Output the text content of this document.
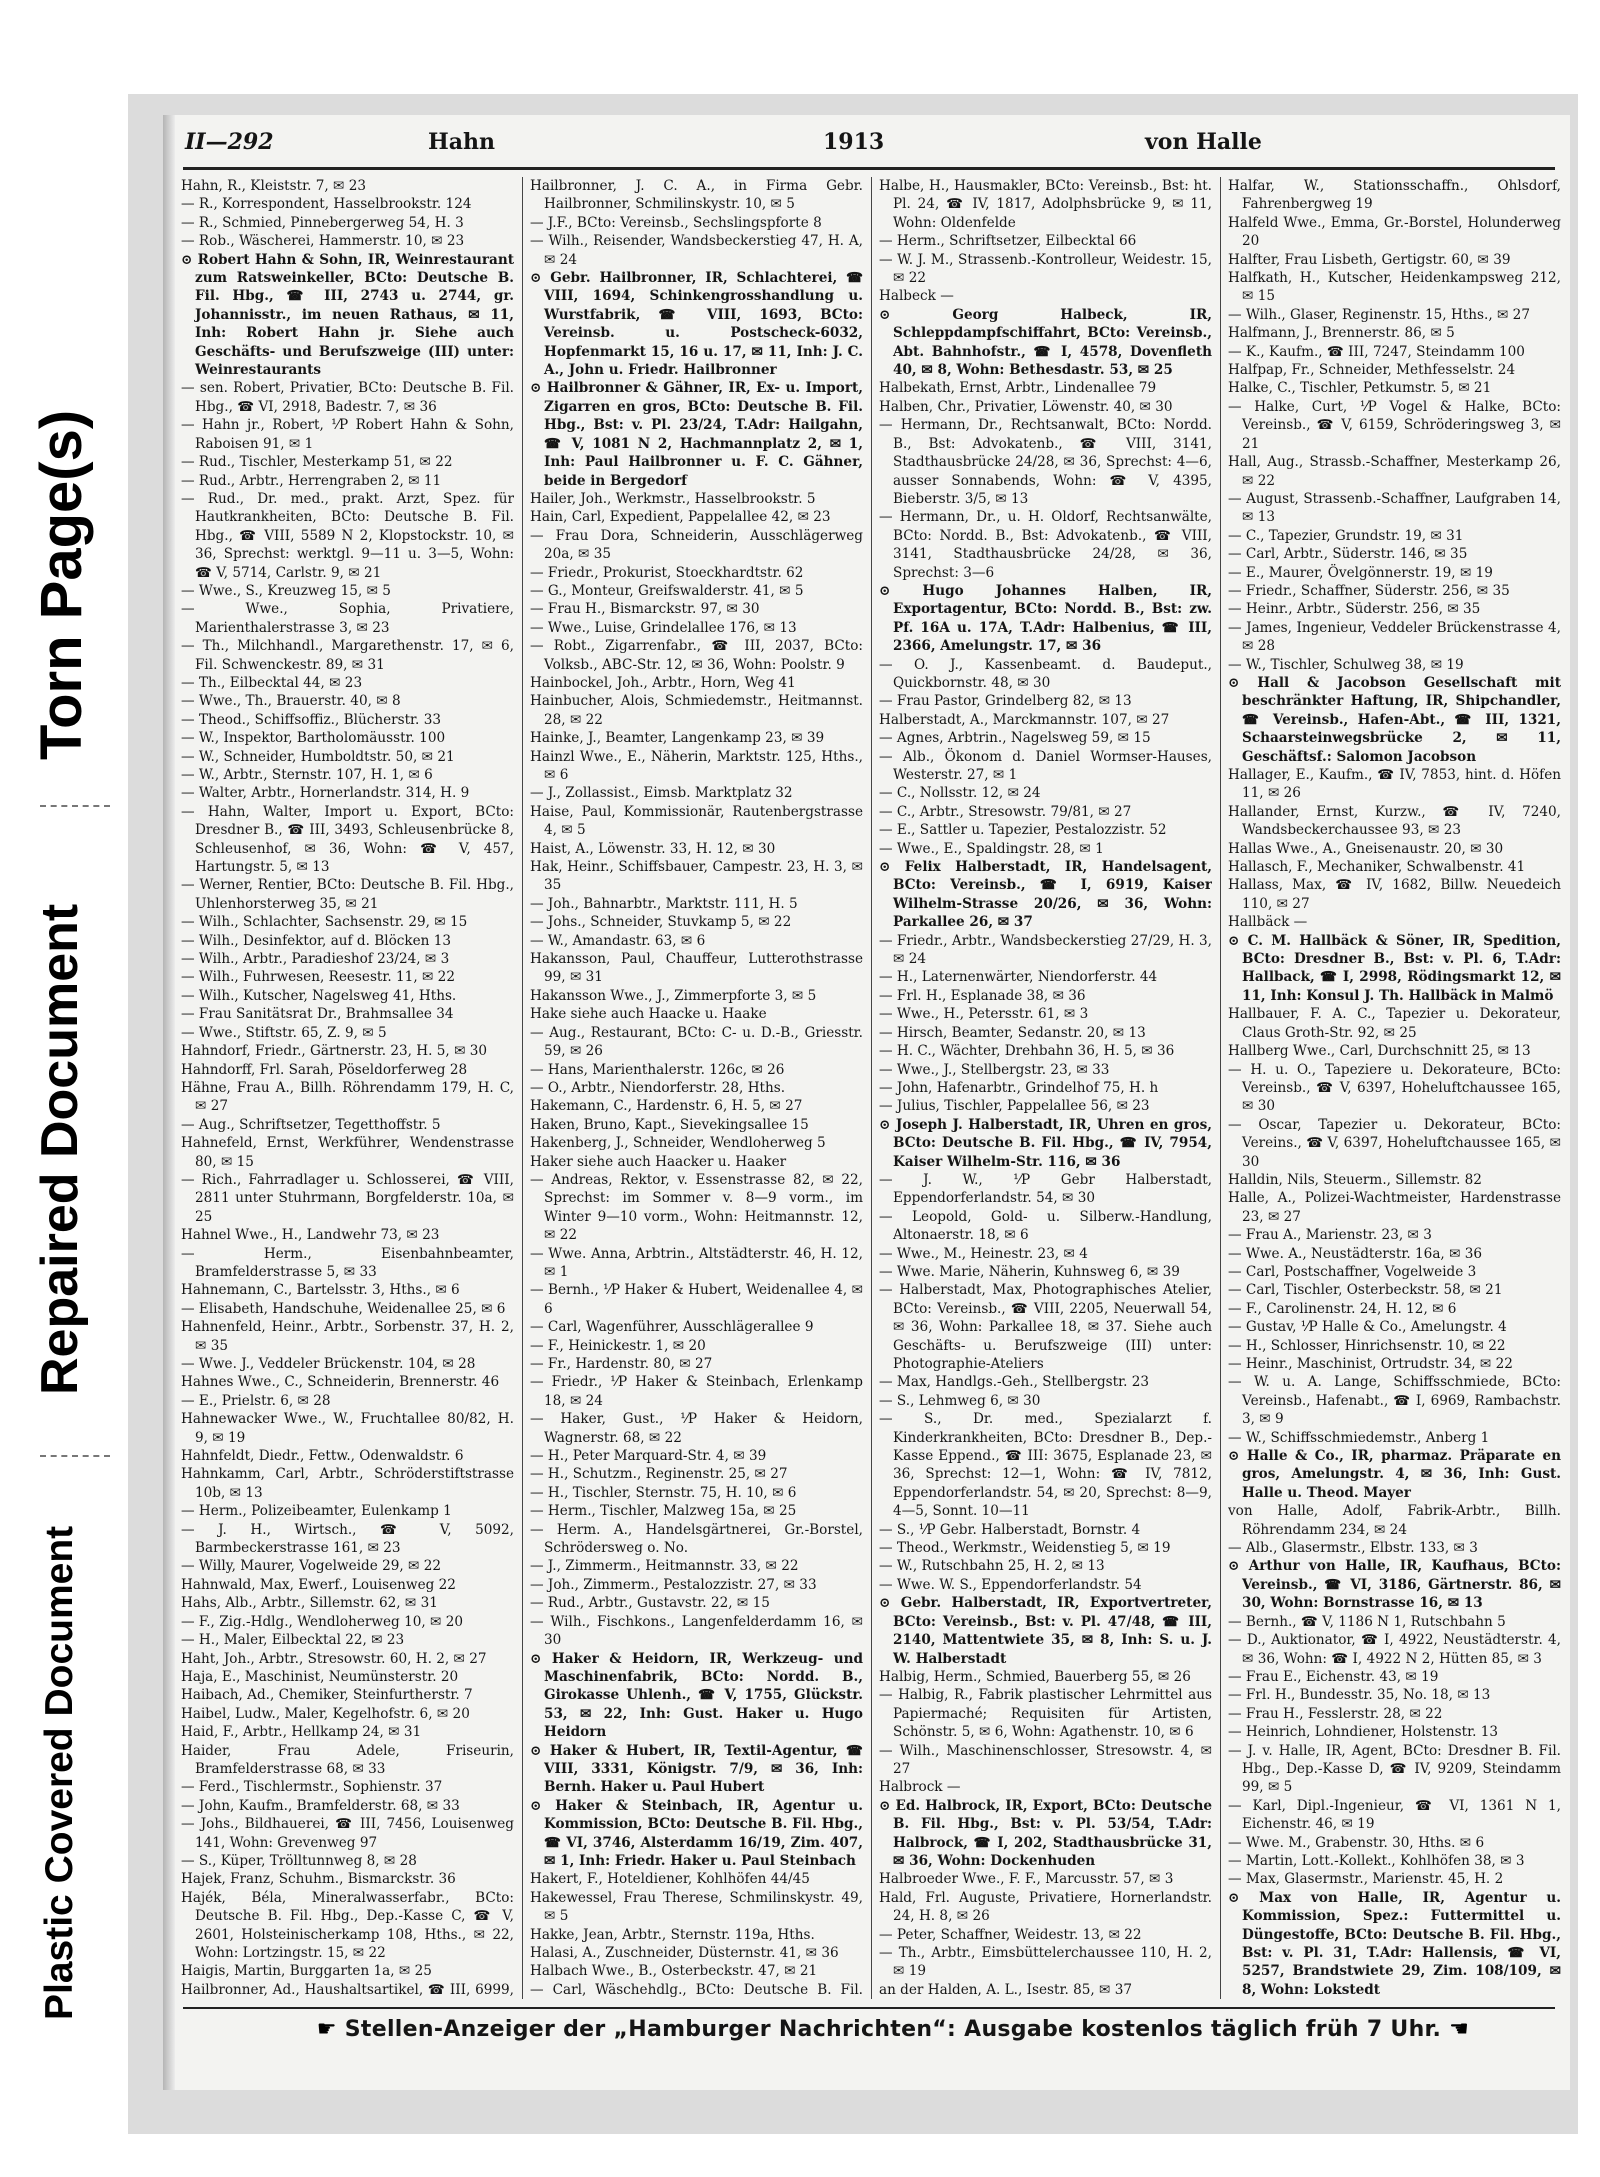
Torn Page(s)
Repaired Document
Plastic Covered Document
II—292	Hahn	1913	von Halle

Hahn, R., Kleiststr. 7, ✉ 23

— R., Korrespondent, Hasselbrookstr. 124

— R., Schmied, Pinnebergerweg 54, H. 3

— Rob., Wäscherei, Hammerstr. 10, ✉ 23

⊙ Robert Hahn & Sohn, IR, Weinrestaurant zum Ratsweinkeller, BCto: Deutsche B. Fil. Hbg., ☎ III, 2743 u. 2744, gr. Johannisstr., im neuen Rathaus, ✉ 11, Inh: Robert Hahn jr. Siehe auch Geschäfts- und Berufszweige (III) unter: Weinrestaurants

— sen. Robert, Privatier, BCto: Deutsche B. Fil. Hbg., ☎ VI, 2918, Badestr. 7, ✉ 36

— Hahn jr., Robert, ⅟P Robert Hahn & Sohn, Raboisen 91, ✉ 1

— Rud., Tischler, Mesterkamp 51, ✉ 22

— Rud., Arbtr., Herrengraben 2, ✉ 11

— Rud., Dr. med., prakt. Arzt, Spez. für Hautkrankheiten, BCto: Deutsche B. Fil. Hbg., ☎ VIII, 5589 N 2, Klopstockstr. 10, ✉ 36, Sprechst: werktgl. 9—11 u. 3—5, Wohn: ☎ V, 5714, Carlstr. 9, ✉ 21

— Wwe., S., Kreuzweg 15, ✉ 5

— Wwe., Sophia, Privatiere, Marienthalerstrasse 3, ✉ 23

— Th., Milchhandl., Margarethenstr. 17, ✉ 6, Fil. Schwenckestr. 89, ✉ 31

— Th., Eilbecktal 44, ✉ 23

— Wwe., Th., Brauerstr. 40, ✉ 8

— Theod., Schiffsoffiz., Blücherstr. 33

— W., Inspektor, Bartholomäusstr. 100

— W., Schneider, Humboldtstr. 50, ✉ 21

— W., Arbtr., Sternstr. 107, H. 1, ✉ 6

— Walter, Arbtr., Hornerlandstr. 314, H. 9

— Hahn, Walter, Import u. Export, BCto: Dresdner B., ☎ III, 3493, Schleusenbrücke 8, Schleusenhof, ✉ 36, Wohn: ☎ V, 457, Hartungstr. 5, ✉ 13

— Werner, Rentier, BCto: Deutsche B. Fil. Hbg., Uhlenhorsterweg 35, ✉ 21

— Wilh., Schlachter, Sachsenstr. 29, ✉ 15

— Wilh., Desinfektor, auf d. Blöcken 13

— Wilh., Arbtr., Paradieshof 23/24, ✉ 3

— Wilh., Fuhrwesen, Reesestr. 11, ✉ 22

— Wilh., Kutscher, Nagelsweg 41, Hths.

— Frau Sanitätsrat Dr., Brahmsallee 34

— Wwe., Stiftstr. 65, Z. 9, ✉ 5

Hahndorf, Friedr., Gärtnerstr. 23, H. 5, ✉ 30

Hahndorff, Frl. Sarah, Pöseldorferweg 28

Hähne, Frau A., Billh. Röhrendamm 179, H. C, ✉ 27

— Aug., Schriftsetzer, Tegetthoffstr. 5

Hahnefeld, Ernst, Werkführer, Wendenstrasse 80, ✉ 15

— Rich., Fahrradlager u. Schlosserei, ☎ VIII, 2811 unter Stuhrmann, Borgfelderstr. 10a, ✉ 25

Hahnel Wwe., H., Landwehr 73, ✉ 23

— Herm., Eisenbahnbeamter, Bramfelderstrasse 5, ✉ 33

Hahnemann, C., Bartelsstr. 3, Hths., ✉ 6

— Elisabeth, Handschuhe, Weidenallee 25, ✉ 6

Hahnenfeld, Heinr., Arbtr., Sorbenstr. 37, H. 2, ✉ 35

— Wwe. J., Veddeler Brückenstr. 104, ✉ 28

Hahnes Wwe., C., Schneiderin, Brennerstr. 46

— E., Prielstr. 6, ✉ 28

Hahnewacker Wwe., W., Fruchtallee 80/82, H. 9, ✉ 19

Hahnfeldt, Diedr., Fettw., Odenwaldstr. 6

Hahnkamm, Carl, Arbtr., Schröderstiftstrasse 10b, ✉ 13

— Herm., Polizeibeamter, Eulenkamp 1

— J. H., Wirtsch., ☎ V, 5092, Barmbeckerstrasse 161, ✉ 23

— Willy, Maurer, Vogelweide 29, ✉ 22

Hahnwald, Max, Ewerf., Louisenweg 22

Hahs, Alb., Arbtr., Sillemstr. 62, ✉ 31

— F., Zig.-Hdlg., Wendloherweg 10, ✉ 20

— H., Maler, Eilbecktal 22, ✉ 23

Haht, Joh., Arbtr., Stresowstr. 60, H. 2, ✉ 27

Haja, E., Maschinist, Neumünsterstr. 20

Haibach, Ad., Chemiker, Steinfurtherstr. 7

Haibel, Ludw., Maler, Kegelhofstr. 6, ✉ 20

Haid, F., Arbtr., Hellkamp 24, ✉ 31

Haider, Frau Adele, Friseurin, Bramfelderstrasse 68, ✉ 33

— Ferd., Tischlermstr., Sophienstr. 37

— John, Kaufm., Bramfelderstr. 68, ✉ 33

— Johs., Bildhauerei, ☎ III, 7456, Louisenweg 141, Wohn: Grevenweg 97

— S., Küper, Trölltunnweg 8, ✉ 28

Hajek, Franz, Schuhm., Bismarckstr. 36

Hajék, Béla, Mineralwasserfabr., BCto: Deutsche B. Fil. Hbg., Dep.-Kasse C, ☎ V, 2601, Holsteinischerkamp 108, Hths., ✉ 22, Wohn: Lortzingstr. 15, ✉ 22

Haigis, Martin, Burggarten 1a, ✉ 25

Hailbronner, Ad., Haushaltsartikel, ☎ III, 6999,

Hailbronner, J. C. A., in Firma Gebr. Hailbronner, Schmilinskystr. 10, ✉ 5

— J.F., BCto: Vereinsb., Sechslingspforte 8

— Wilh., Reisender, Wandsbeckerstieg 47, H. A, ✉ 24

⊙ Gebr. Hailbronner, IR, Schlachterei, ☎ VIII, 1694, Schinkengrosshandlung u. Wurstfabrik, ☎ VIII, 1693, BCto: Vereinsb. u. Postscheck-6032, Hopfenmarkt 15, 16 u. 17, ✉ 11, Inh: J. C. A., John u. Friedr. Hailbronner

⊙ Hailbronner & Gähner, IR, Ex- u. Import, Zigarren en gros, BCto: Deutsche B. Fil. Hbg., Bst: v. Pl. 23/24, T.Adr: Hailgahn, ☎ V, 1081 N 2, Hachmannplatz 2, ✉ 1, Inh: Paul Hailbronner u. F. C. Gähner, beide in Bergedorf

Hailer, Joh., Werkmstr., Hasselbrookstr. 5

Hain, Carl, Expedient, Pappelallee 42, ✉ 23

— Frau Dora, Schneiderin, Ausschlägerweg 20a, ✉ 35

— Friedr., Prokurist, Stoeckhardtstr. 62

— G., Monteur, Greifswalderstr. 41, ✉ 5

— Frau H., Bismarckstr. 97, ✉ 30

— Wwe., Luise, Grindelallee 176, ✉ 13

— Robt., Zigarrenfabr., ☎ III, 2037, BCto: Volksb., ABC-Str. 12, ✉ 36, Wohn: Poolstr. 9

Hainbockel, Joh., Arbtr., Horn, Weg 41

Hainbucher, Alois, Schmiedemstr., Heitmannst. 28, ✉ 22

Hainke, J., Beamter, Langenkamp 23, ✉ 39

Hainzl Wwe., E., Näherin, Marktstr. 125, Hths., ✉ 6

— J., Zollassist., Eimsb. Marktplatz 32

Haise, Paul, Kommissionär, Rautenbergstrasse 4, ✉ 5

Haist, A., Löwenstr. 33, H. 12, ✉ 30

Hak, Heinr., Schiffsbauer, Campestr. 23, H. 3, ✉ 35

— Joh., Bahnarbtr., Marktstr. 111, H. 5

— Johs., Schneider, Stuvkamp 5, ✉ 22

— W., Amandastr. 63, ✉ 6

Hakansson, Paul, Chauffeur, Lutterothstrasse 99, ✉ 31

Hakansson Wwe., J., Zimmerpforte 3, ✉ 5

Hake siehe auch Haacke u. Haake

— Aug., Restaurant, BCto: C- u. D.-B., Griesstr. 59, ✉ 26

— Hans, Marienthalerstr. 126c, ✉ 26

— O., Arbtr., Niendorferstr. 28, Hths.

Hakemann, C., Hardenstr. 6, H. 5, ✉ 27

Haken, Bruno, Kapt., Sievekingsallee 15

Hakenberg, J., Schneider, Wendloherweg 5

Haker siehe auch Haacker u. Haaker

— Andreas, Rektor, v. Essenstrasse 82, ✉ 22, Sprechst: im Sommer v. 8—9 vorm., im Winter 9—10 vorm., Wohn: Heitmannstr. 12, ✉ 22

— Wwe. Anna, Arbtrin., Altstädterstr. 46, H. 12, ✉ 1

— Bernh., ⅟P Haker & Hubert, Weidenallee 4, ✉ 6

— Carl, Wagenführer, Ausschlägerallee 9

— F., Heinickestr. 1, ✉ 20

— Fr., Hardenstr. 80, ✉ 27

— Friedr., ⅟P Haker & Steinbach, Erlenkamp 18, ✉ 24

— Haker, Gust., ⅟P Haker & Heidorn, Wagnerstr. 68, ✉ 22

— H., Peter Marquard-Str. 4, ✉ 39

— H., Schutzm., Reginenstr. 25, ✉ 27

— H., Tischler, Sternstr. 75, H. 10, ✉ 6

— Herm., Tischler, Malzweg 15a, ✉ 25

— Herm. A., Handelsgärtnerei, Gr.-Borstel, Schrödersweg o. No.

— J., Zimmerm., Heitmannstr. 33, ✉ 22

— Joh., Zimmerm., Pestalozzistr. 27, ✉ 33

— Rud., Arbtr., Gustavstr. 22, ✉ 15

— Wilh., Fischkons., Langenfelderdamm 16, ✉ 30

⊙ Haker & Heidorn, IR, Werkzeug- und Maschinenfabrik, BCto: Nordd. B., Girokasse Uhlenh., ☎ V, 1755, Glückstr. 53, ✉ 22, Inh: Gust. Haker u. Hugo Heidorn

⊙ Haker & Hubert, IR, Textil-Agentur, ☎ VIII, 3331, Königstr. 7/9, ✉ 36, Inh: Bernh. Haker u. Paul Hubert

⊙ Haker & Steinbach, IR, Agentur u. Kommission, BCto: Deutsche B. Fil. Hbg., ☎ VI, 3746, Alsterdamm 16/19, Zim. 407, ✉ 1, Inh: Friedr. Haker u. Paul Steinbach

Hakert, F., Hoteldiener, Kohlhöfen 44/45

Hakewessel, Frau Therese, Schmilinskystr. 49, ✉ 5

Hakke, Jean, Arbtr., Sternstr. 119a, Hths.

Halasi, A., Zuschneider, Düsternstr. 41, ✉ 36

Halbach Wwe., B., Osterbeckstr. 47, ✉ 21

— Carl, Wäschehdlg., BCto: Deutsche B. Fil.

Halbe, H., Hausmakler, BCto: Vereinsb., Bst: ht. Pl. 24, ☎ IV, 1817, Adolphsbrücke 9, ✉ 11, Wohn: Oldenfelde

— Herm., Schriftsetzer, Eilbecktal 66

— W. J. M., Strassenb.-Kontrolleur, Weidestr. 15, ✉ 22

Halbeck —

⊙ Georg Halbeck, IR, Schleppdampfschiffahrt, BCto: Vereinsb., Abt. Bahnhofstr., ☎ I, 4578, Dovenfleth 40, ✉ 8, Wohn: Bethesdastr. 53, ✉ 25

Halbekath, Ernst, Arbtr., Lindenallee 79

Halben, Chr., Privatier, Löwenstr. 40, ✉ 30

— Hermann, Dr., Rechtsanwalt, BCto: Nordd. B., Bst: Advokatenb., ☎ VIII, 3141, Stadthausbrücke 24/28, ✉ 36, Sprechst: 4—6, ausser Sonnabends, Wohn: ☎ V, 4395, Bieberstr. 3/5, ✉ 13

— Hermann, Dr., u. H. Oldorf, Rechtsanwälte, BCto: Nordd. B., Bst: Advokatenb., ☎ VIII, 3141, Stadthausbrücke 24/28, ✉ 36, Sprechst: 3—6

⊙ Hugo Johannes Halben, IR, Exportagentur, BCto: Nordd. B., Bst: zw. Pf. 16A u. 17A, T.Adr: Halbenius, ☎ III, 2366, Amelungstr. 17, ✉ 36

— O. J., Kassenbeamt. d. Baudeput., Quickbornstr. 48, ✉ 30

— Frau Pastor, Grindelberg 82, ✉ 13

Halberstadt, A., Marckmannstr. 107, ✉ 27

— Agnes, Arbtrin., Nagelsweg 59, ✉ 15

— Alb., Ökonom d. Daniel Wormser-Hauses, Westerstr. 27, ✉ 1

— C., Nollsstr. 12, ✉ 24

— C., Arbtr., Stresowstr. 79/81, ✉ 27

— E., Sattler u. Tapezier, Pestalozzistr. 52

— Wwe., E., Spaldingstr. 28, ✉ 1

⊙ Felix Halberstadt, IR, Handelsagent, BCto: Vereinsb., ☎ I, 6919, Kaiser Wilhelm-Strasse 20/26, ✉ 36, Wohn: Parkallee 26, ✉ 37

— Friedr., Arbtr., Wandsbeckerstieg 27/29, H. 3, ✉ 24

— H., Laternenwärter, Niendorferstr. 44

— Frl. H., Esplanade 38, ✉ 36

— Wwe., H., Petersstr. 61, ✉ 3

— Hirsch, Beamter, Sedanstr. 20, ✉ 13

— H. C., Wächter, Drehbahn 36, H. 5, ✉ 36

— Wwe., J., Stellbergstr. 23, ✉ 33

— John, Hafenarbtr., Grindelhof 75, H. h

— Julius, Tischler, Pappelallee 56, ✉ 23

⊙ Joseph J. Halberstadt, IR, Uhren en gros, BCto: Deutsche B. Fil. Hbg., ☎ IV, 7954, Kaiser Wilhelm-Str. 116, ✉ 36

— J. W., ⅟P Gebr Halberstadt, Eppendorferlandstr. 54, ✉ 30

— Leopold, Gold- u. Silberw.-Handlung, Altonaerstr. 18, ✉ 6

— Wwe., M., Heinestr. 23, ✉ 4

— Wwe. Marie, Näherin, Kuhnsweg 6, ✉ 39

— Halberstadt, Max, Photographisches Atelier, BCto: Vereinsb., ☎ VIII, 2205, Neuerwall 54, ✉ 36, Wohn: Parkallee 18, ✉ 37. Siehe auch Geschäfts- u. Berufszweige (III) unter: Photographie-Ateliers

— Max, Handlgs.-Geh., Stellbergstr. 23

— S., Lehmweg 6, ✉ 30

— S., Dr. med., Spezialarzt f. Kinderkrankheiten, BCto: Dresdner B., Dep.-Kasse Eppend., ☎ III: 3675, Esplanade 23, ✉ 36, Sprechst: 12—1, Wohn: ☎ IV, 7812, Eppendorferlandstr. 54, ✉ 20, Sprechst: 8—9, 4—5, Sonnt. 10—11

— S., ⅟P Gebr. Halberstadt, Bornstr. 4

— Theod., Werkmstr., Weidenstieg 5, ✉ 19

— W., Rutschbahn 25, H. 2, ✉ 13

— Wwe. W. S., Eppendorferlandstr. 54

⊙ Gebr. Halberstadt, IR, Exportvertreter, BCto: Vereinsb., Bst: v. Pl. 47/48, ☎ III, 2140, Mattentwiete 35, ✉ 8, Inh: S. u. J. W. Halberstadt

Halbig, Herm., Schmied, Bauerberg 55, ✉ 26

— Halbig, R., Fabrik plastischer Lehrmittel aus Papiermaché; Requisiten für Artisten, Schönstr. 5, ✉ 6, Wohn: Agathenstr. 10, ✉ 6

— Wilh., Maschinenschlosser, Stresowstr. 4, ✉ 27

Halbrock —

⊙ Ed. Halbrock, IR, Export, BCto: Deutsche B. Fil. Hbg., Bst: v. Pl. 53/54, T.Adr: Halbrock, ☎ I, 202, Stadthausbrücke 31, ✉ 36, Wohn: Dockenhuden

Halbroeder Wwe., F. F., Marcusstr. 57, ✉ 3

Hald, Frl. Auguste, Privatiere, Hornerlandstr. 24, H. 8, ✉ 26

— Peter, Schaffner, Weidestr. 13, ✉ 22

— Th., Arbtr., Eimsbüttelerchaussee 110, H. 2, ✉ 19

an der Halden, A. L., Isestr. 85, ✉ 37

Halfar, W., Stationsschaffn., Ohlsdorf, Fahrenbergweg 19

Halfeld Wwe., Emma, Gr.-Borstel, Holunderweg 20

Halfter, Frau Lisbeth, Gertigstr. 60, ✉ 39

Halfkath, H., Kutscher, Heidenkampsweg 212, ✉ 15

— Wilh., Glaser, Reginenstr. 15, Hths., ✉ 27

Halfmann, J., Brennerstr. 86, ✉ 5

— K., Kaufm., ☎ III, 7247, Steindamm 100

Halfpap, Fr., Schneider, Methfesselstr. 24

Halke, C., Tischler, Petkumstr. 5, ✉ 21

— Halke, Curt, ⅟P Vogel & Halke, BCto: Vereinsb., ☎ V, 6159, Schröderingsweg 3, ✉ 21

Hall, Aug., Strassb.-Schaffner, Mesterkamp 26, ✉ 22

— August, Strassenb.-Schaffner, Laufgraben 14, ✉ 13

— C., Tapezier, Grundstr. 19, ✉ 31

— Carl, Arbtr., Süderstr. 146, ✉ 35

— E., Maurer, Övelgönnerstr. 19, ✉ 19

— Friedr., Schaffner, Süderstr. 256, ✉ 35

— Heinr., Arbtr., Süderstr. 256, ✉ 35

— James, Ingenieur, Veddeler Brückenstrasse 4, ✉ 28

— W., Tischler, Schulweg 38, ✉ 19

⊙ Hall & Jacobson Gesellschaft mit beschränkter Haftung, IR, Shipchandler, ☎ Vereinsb., Hafen-Abt., ☎ III, 1321, Schaarsteinwegsbrücke 2, ✉ 11, Geschäftsf.: Salomon Jacobson

Hallager, E., Kaufm., ☎ IV, 7853, hint. d. Höfen 11, ✉ 26

Hallander, Ernst, Kurzw., ☎ IV, 7240, Wandsbeckerchaussee 93, ✉ 23

Hallas Wwe., A., Gneisenaustr. 20, ✉ 30

Hallasch, F., Mechaniker, Schwalbenstr. 41

Hallass, Max, ☎ IV, 1682, Billw. Neuedeich 110, ✉ 27

Hallbäck —

⊙ C. M. Hallbäck & Söner, IR, Spedition, BCto: Dresdner B., Bst: v. Pl. 6, T.Adr: Hallback, ☎ I, 2998, Rödingsmarkt 12, ✉ 11, Inh: Konsul J. Th. Hallbäck in Malmö

Hallbauer, F. A. C., Tapezier u. Dekorateur, Claus Groth-Str. 92, ✉ 25

Hallberg Wwe., Carl, Durchschnitt 25, ✉ 13

— H. u. O., Tapeziere u. Dekorateure, BCto: Vereinsb., ☎ V, 6397, Hoheluftchaussee 165, ✉ 30

— Oscar, Tapezier u. Dekorateur, BCto: Vereins., ☎ V, 6397, Hoheluftchaussee 165, ✉ 30

Halldin, Nils, Steuerm., Sillemstr. 82

Halle, A., Polizei-Wachtmeister, Hardenstrasse 23, ✉ 27

— Frau A., Marienstr. 23, ✉ 3

— Wwe. A., Neustädterstr. 16a, ✉ 36

— Carl, Postschaffner, Vogelweide 3

— Carl, Tischler, Osterbeckstr. 58, ✉ 21

— F., Carolinenstr. 24, H. 12, ✉ 6

— Gustav, ⅟P Halle & Co., Amelungstr. 4

— H., Schlosser, Hinrichsenstr. 10, ✉ 22

— Heinr., Maschinist, Ortrudstr. 34, ✉ 22

— W. u. A. Lange, Schiffsschmiede, BCto: Vereinsb., Hafenabt., ☎ I, 6969, Rambachstr. 3, ✉ 9

— W., Schiffsschmiedemstr., Anberg 1

⊙ Halle & Co., IR, pharmaz. Präparate en gros, Amelungstr. 4, ✉ 36, Inh: Gust. Halle u. Theod. Mayer

von Halle, Adolf, Fabrik-Arbtr., Billh. Röhrendamm 234, ✉ 24

— Alb., Glasermstr., Elbstr. 133, ✉ 3

⊙ Arthur von Halle, IR, Kaufhaus, BCto: Vereinsb., ☎ VI, 3186, Gärtnerstr. 86, ✉ 30, Wohn: Bornstrasse 16, ✉ 13

— Bernh., ☎ V, 1186 N 1, Rutschbahn 5

— D., Auktionator, ☎ I, 4922, Neustädterstr. 4, ✉ 36, Wohn: ☎ I, 4922 N 2, Hütten 85, ✉ 3

— Frau E., Eichenstr. 43, ✉ 19

— Frl. H., Bundesstr. 35, No. 18, ✉ 13

— Frau H., Fesslerstr. 28, ✉ 22

— Heinrich, Lohndiener, Holstenstr. 13

— J. v. Halle, IR, Agent, BCto: Dresdner B. Fil. Hbg., Dep.-Kasse D, ☎ IV, 9209, Steindamm 99, ✉ 5

— Karl, Dipl.-Ingenieur, ☎ VI, 1361 N 1, Eichenstr. 46, ✉ 19

— Wwe. M., Grabenstr. 30, Hths. ✉ 6

— Martin, Lott.-Kollekt., Kohlhöfen 38, ✉ 3

— Max, Glasermstr., Marienstr. 45, H. 2

⊙ Max von Halle, IR, Agentur u. Kommission, Spez.: Futtermittel u. Düngestoffe, BCto: Deutsche B. Fil. Hbg., Bst: v. Pl. 31, T.Adr: Hallensis, ☎ VI, 5257, Brandstwiete 29, Zim. 108/109, ✉ 8, Wohn: Lokstedt

☛ Stellen-Anzeiger der „Hamburger Nachrichten“: Ausgabe kostenlos täglich früh 7 Uhr. ☚
